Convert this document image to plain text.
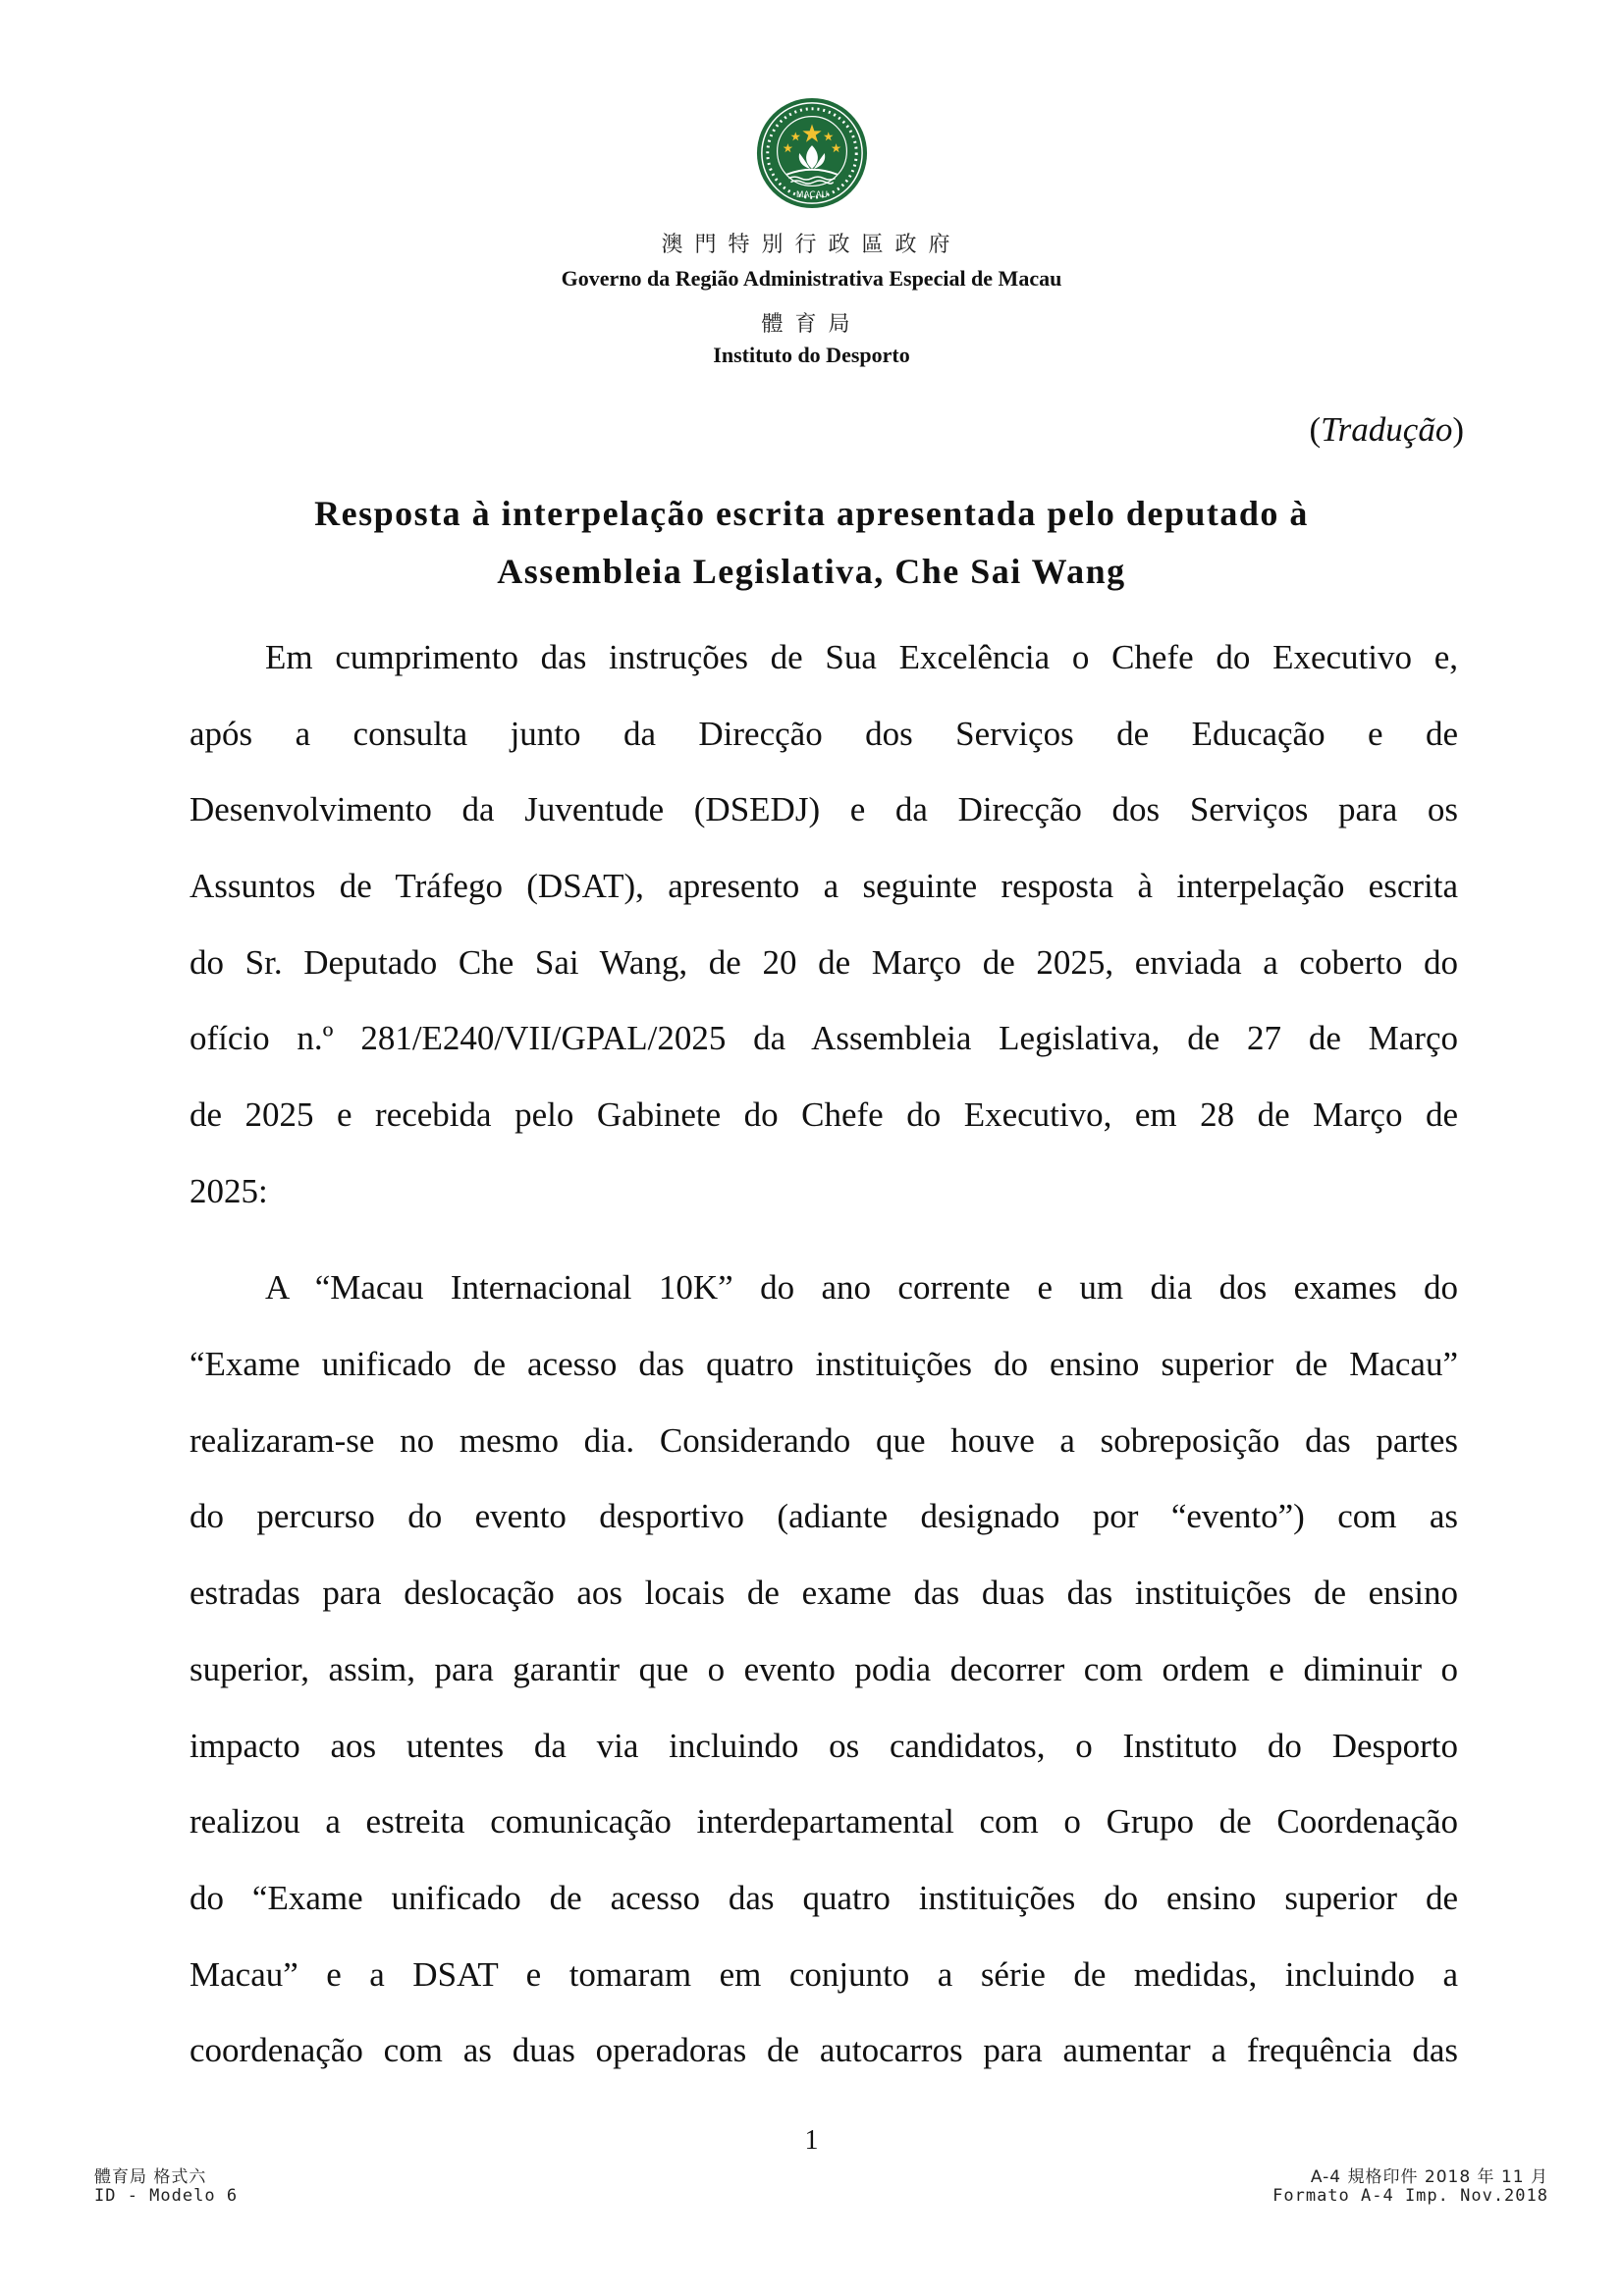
MACAU
澳門特別行政區政府
Governo da Região Administrativa Especial de Macau
體育局
Instituto do Desporto
(Tradução)
Resposta à interpelação escrita apresentada pelo deputado à
Assembleia Legislativa, Che Sai Wang
Em cumprimento das instruções de Sua Excelência o Chefe do Executivo e,
após a consulta junto da Direcção dos Serviços de Educação e de
Desenvolvimento da Juventude (DSEDJ) e da Direcção dos Serviços para os
Assuntos de Tráfego (DSAT), apresento a seguinte resposta à interpelação escrita
do Sr. Deputado Che Sai Wang, de 20 de Março de 2025, enviada a coberto do
ofício n.º 281/E240/VII/GPAL/2025 da Assembleia Legislativa, de 27 de Março
de 2025 e recebida pelo Gabinete do Chefe do Executivo, em 28 de Março de
2025:
A “Macau Internacional 10K” do ano corrente e um dia dos exames do
“Exame unificado de acesso das quatro instituições do ensino superior de Macau”
realizaram-se no mesmo dia. Considerando que houve a sobreposição das partes
do percurso do evento desportivo (adiante designado por “evento”) com as
estradas para deslocação aos locais de exame das duas das instituições de ensino
superior, assim, para garantir que o evento podia decorrer com ordem e diminuir o
impacto aos utentes da via incluindo os candidatos, o Instituto do Desporto
realizou a estreita comunicação interdepartamental com o Grupo de Coordenação
do “Exame unificado de acesso das quatro instituições do ensino superior de
Macau” e a DSAT e tomaram em conjunto a série de medidas, incluindo a
coordenação com as duas operadoras de autocarros para aumentar a frequência das
1
體育局 格式六
ID - Modelo 6
A-4 規格印件 2018 年 11 月
Formato A-4 Imp. Nov.2018
